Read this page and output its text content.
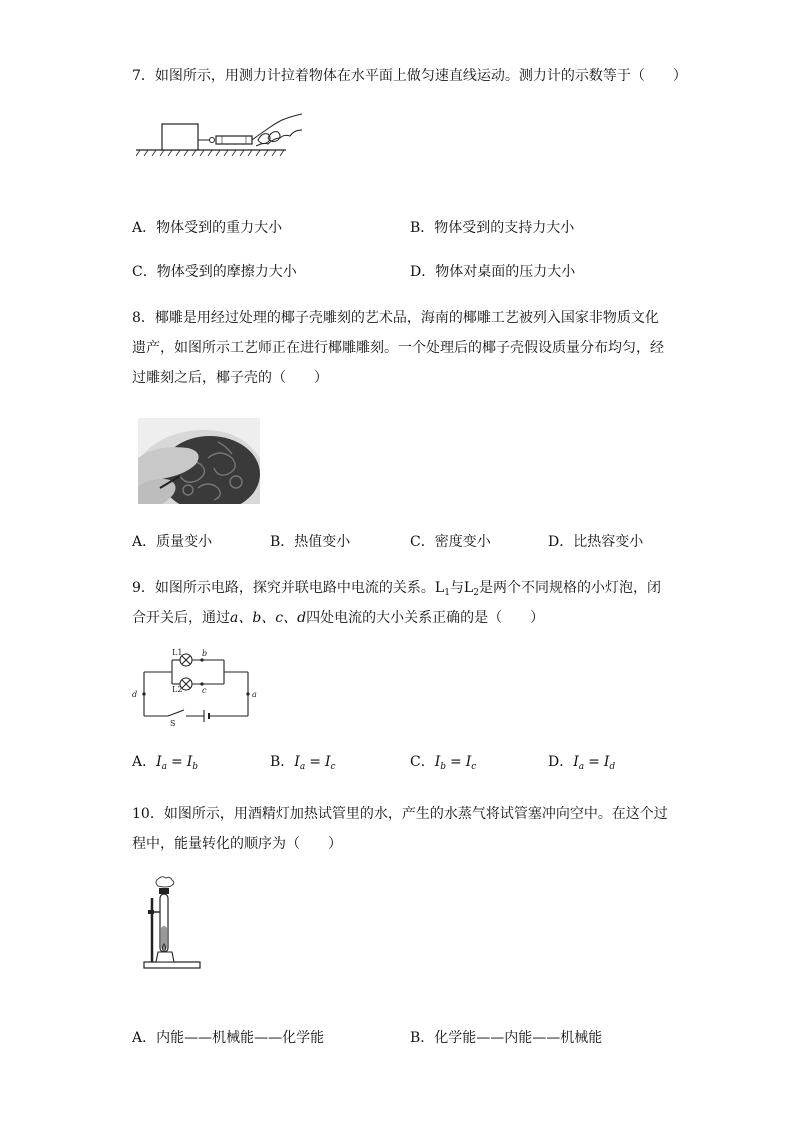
7．如图所示，用测力计拉着物体在水平面上做匀速直线运动。测力计的示数等于（　　）
A．物体受到的重力大小	B．物体受到的支持力大小
C．物体受到的摩擦力大小	D．物体对桌面的压力大小
8．椰雕是用经过处理的椰子壳雕刻的艺术品，海南的椰雕工艺被列入国家非物质文化
遗产，如图所示工艺师正在进行椰雕雕刻。一个处理后的椰子壳假设质量分布均匀，经
过雕刻之后，椰子壳的（　　）
A．质量变小	B．热值变小	C．密度变小	D．比热容变小
9．如图所示电路，探究并联电路中电流的关系。$L_1$与$L_2$是两个不同规格的小灯泡，闭
合开关后，通过a、b、c、d四处电流的大小关系正确的是（　　）
L1
L2
b
c
d	a
S
A．$I_a = I_b$	B．$I_a = I_c$	C．$I_b = I_c$	D．$I_a = I_d$
10．如图所示，用酒精灯加热试管里的水，产生的水蒸气将试管塞冲向空中。在这个过
程中，能量转化的顺序为（　　）
A．内能——机械能——化学能	B．化学能——内能——机械能
